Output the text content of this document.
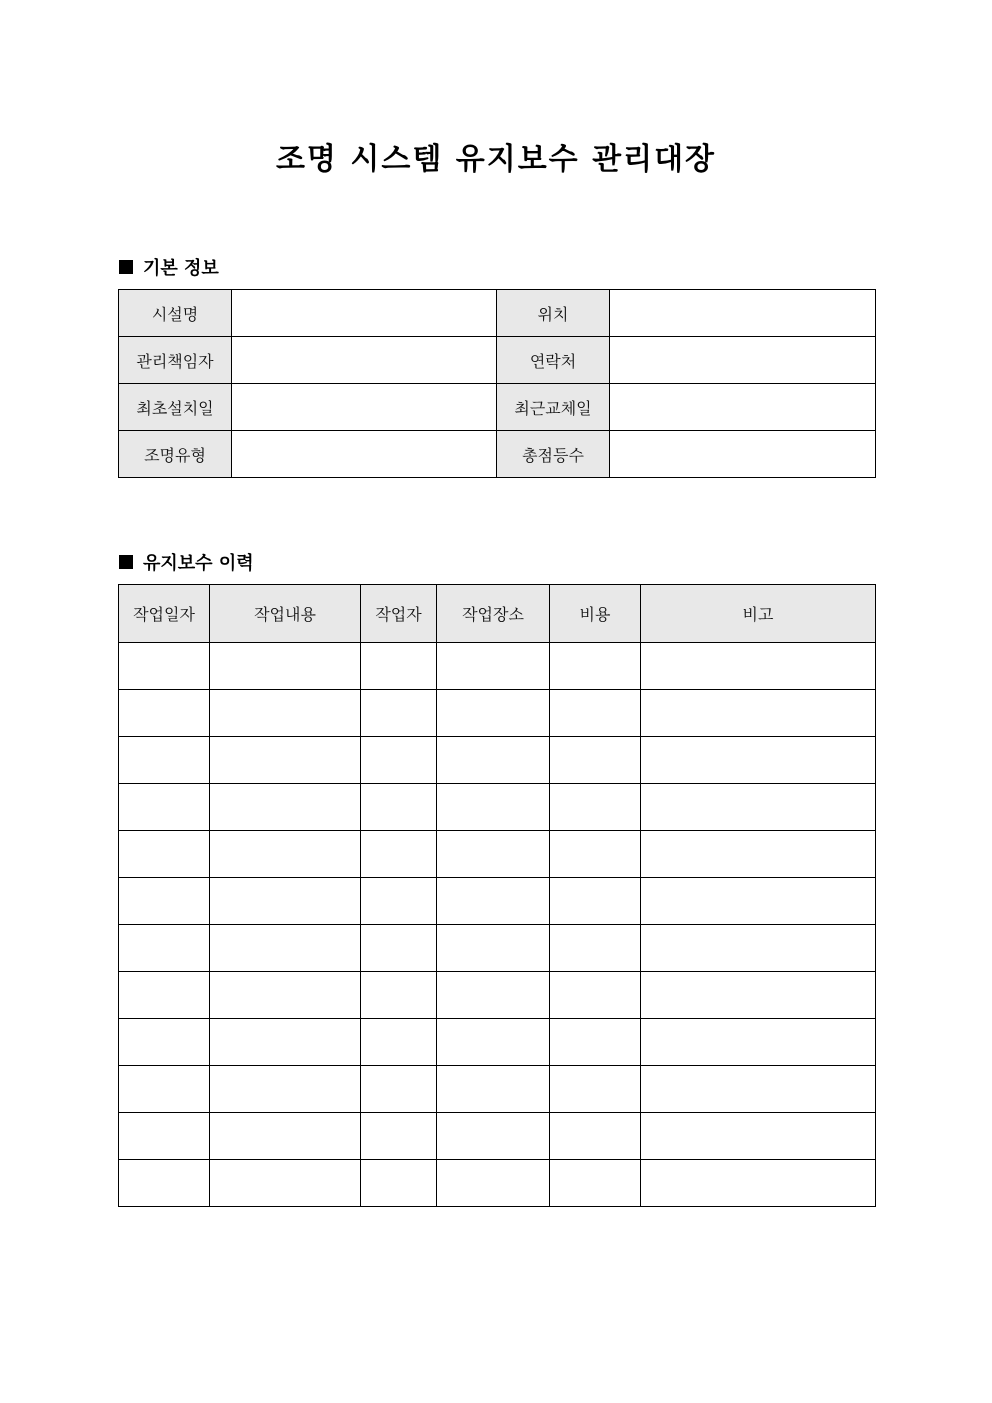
조명 시스템 유지보수 관리대장
기본 정보
시설명		위치	
관리책임자		연락처	
최초설치일		최근교체일	
조명유형		총점등수	
유지보수 이력
작업일자	작업내용	작업자	작업장소	비용	비고
